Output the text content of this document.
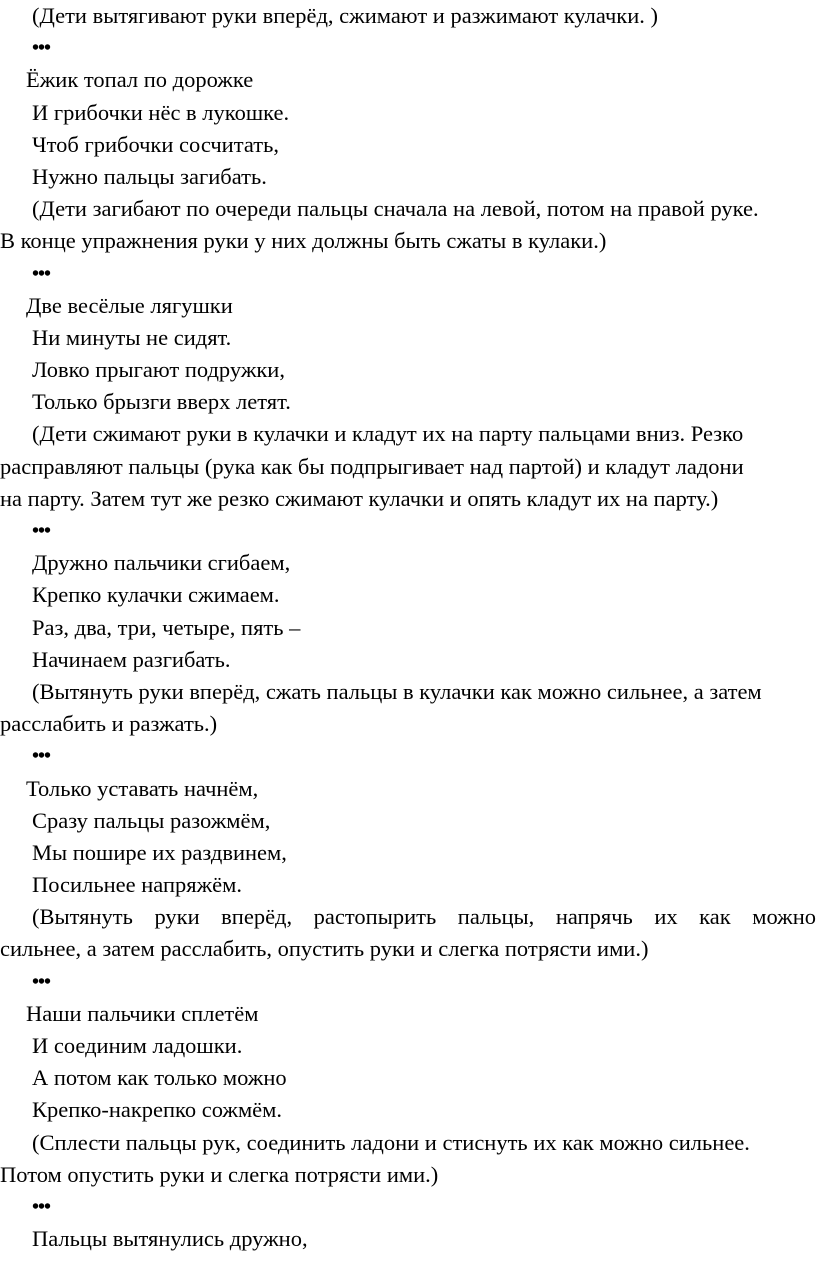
(Дети вытягивают руки вперёд, сжимают и разжимают кулачки. )
•••
Ёжик топал по дорожке
И грибочки нёс в лукошке.
Чтоб грибочки сосчитать,
Нужно пальцы загибать.
(Дети загибают по очереди пальцы сначала на левой, потом на правой руке.
В конце упражнения руки у них должны быть сжаты в кулаки.)
•••
Две весёлые лягушки
Ни минуты не сидят.
Ловко прыгают подружки,
Только брызги вверх летят.
(Дети сжимают руки в кулачки и кладут их на парту пальцами вниз. Резко
расправляют пальцы (рука как бы подпрыгивает над партой) и кладут ладони
на парту. Затем тут же резко сжимают кулачки и опять кладут их на парту.)
•••
Дружно пальчики сгибаем,
Крепко кулачки сжимаем.
Раз, два, три, четыре, пять –
Начинаем разгибать.
(Вытянуть руки вперёд, сжать пальцы в кулачки как можно сильнее, а затем
расслабить и разжать.)
•••
Только уставать начнём,
Сразу пальцы разожмём,
Мы пошире их раздвинем,
Посильнее напряжём.
(Вытянуть руки вперёд, растопырить пальцы, напрячь их как можно
сильнее, а затем расслабить, опустить руки и слегка потрясти ими.)
•••
Наши пальчики сплетём
И соединим ладошки.
А потом как только можно
Крепко-накрепко сожмём.
(Сплести пальцы рук, соединить ладони и стиснуть их как можно сильнее.
Потом опустить руки и слегка потрясти ими.)
•••
Пальцы вытянулись дружно,
